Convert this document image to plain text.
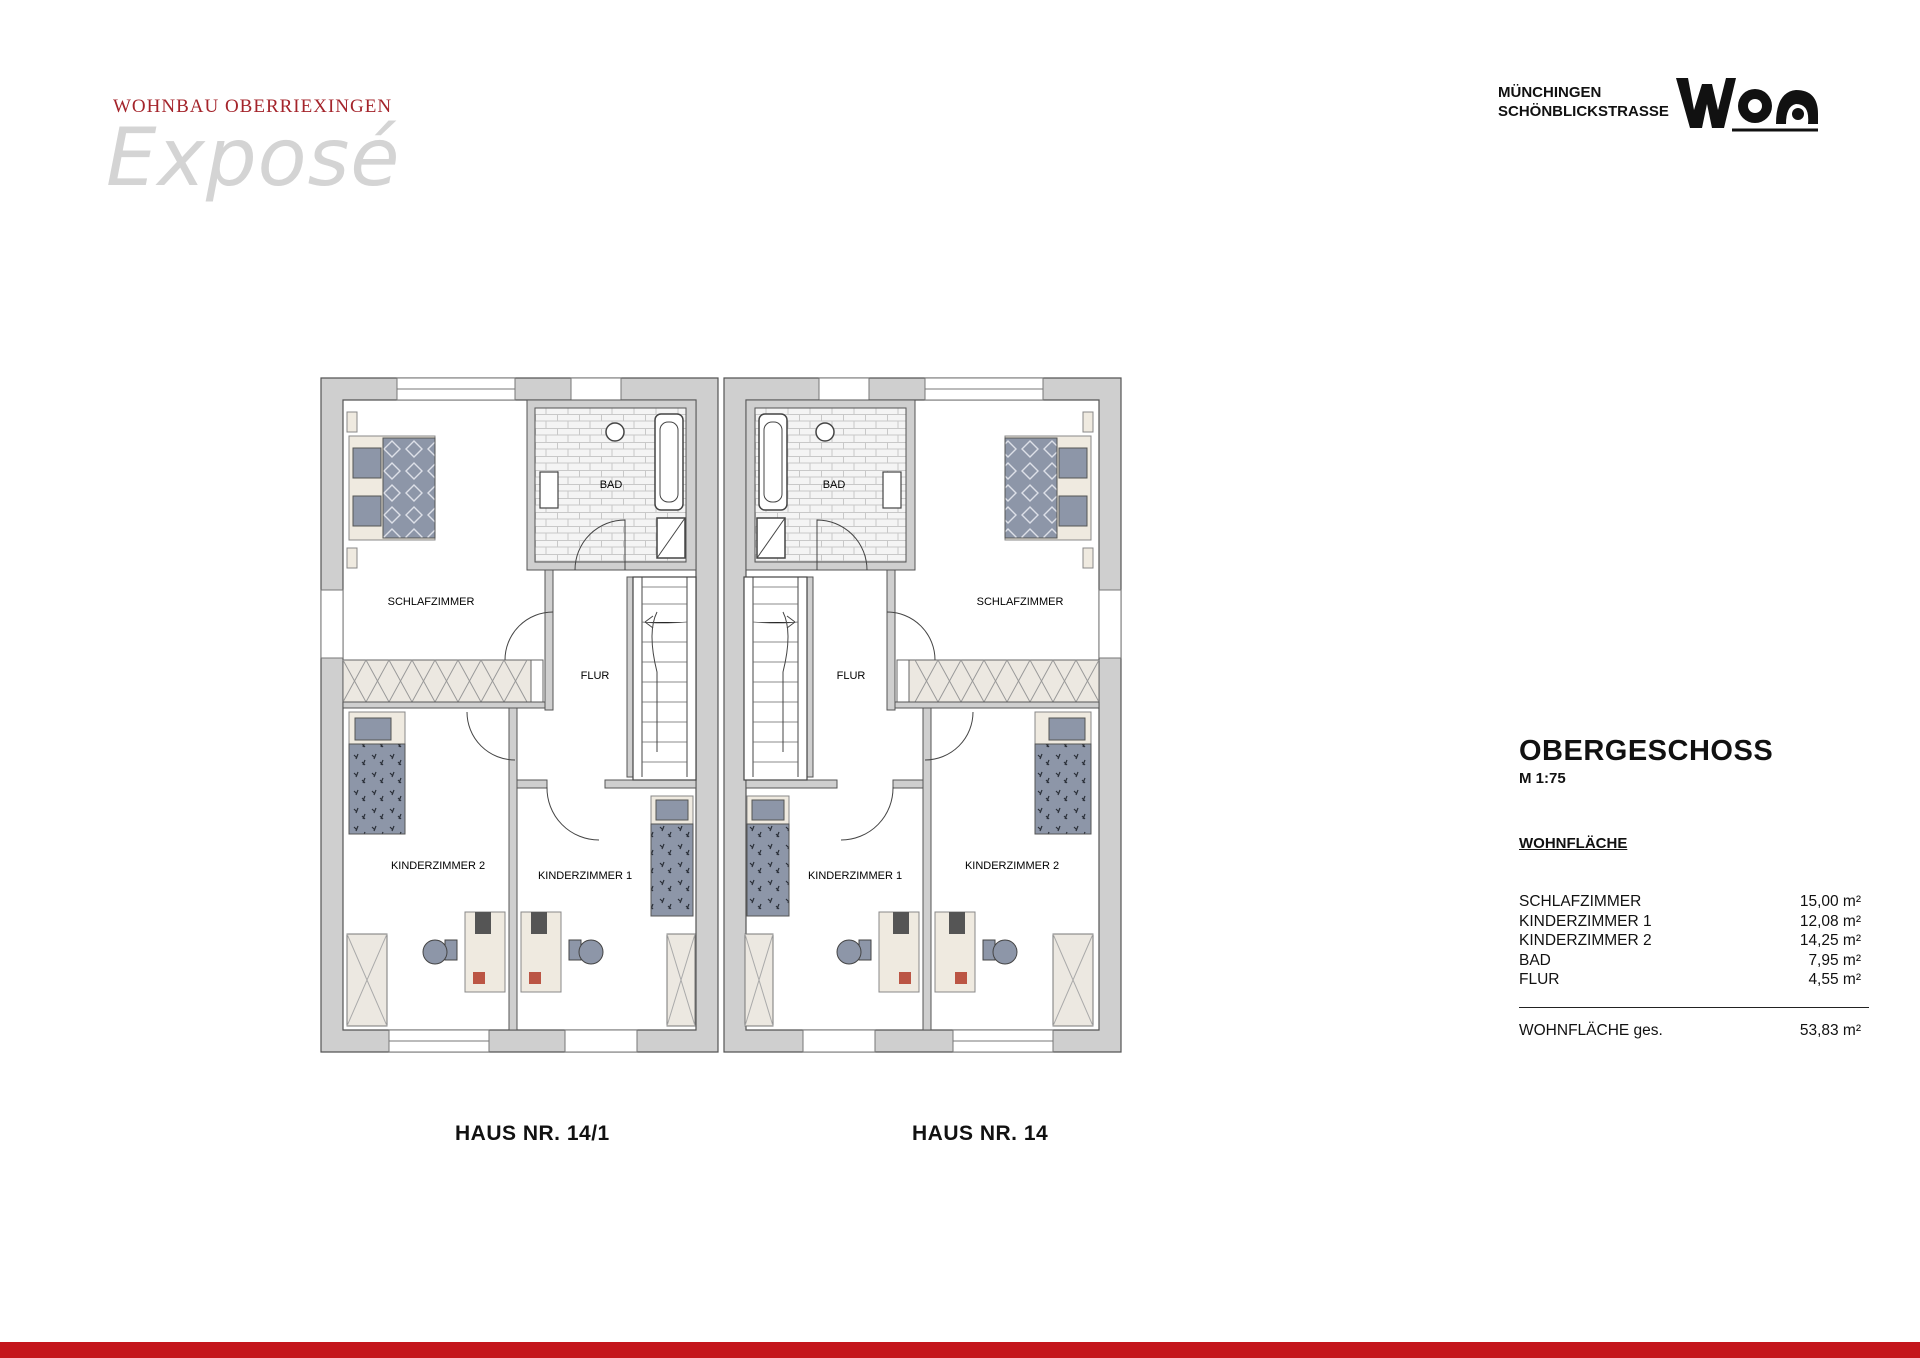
WOHNBAU OBERRIEXINGEN
Exposé
MÜNCHINGEN
SCHÖNBLICKSTRASSE
BAD
SCHLAFZIMMER
FLUR
KINDERZIMMER 2
KINDERZIMMER 1
BAD
SCHLAFZIMMER
FLUR
KINDERZIMMER 2
KINDERZIMMER 1
HAUS NR. 14/1	HAUS NR. 14
OBERGESCHOSS
M 1:75
WOHNFLÄCHE
SCHLAFZIMMER	15,00 m²
KINDERZIMMER 1	12,08 m²
KINDERZIMMER 2	14,25 m²
BAD	7,95 m²
FLUR	4,55 m²
WOHNFLÄCHE ges.	53,83 m²
